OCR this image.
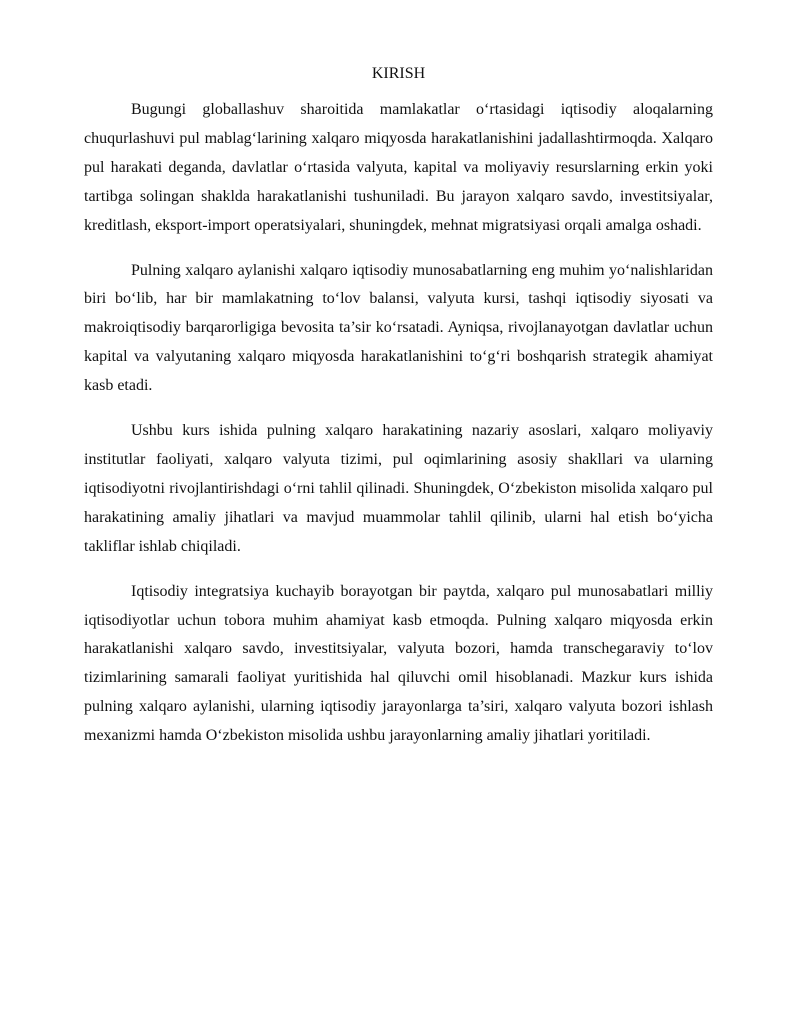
KIRISH

Bugungi globallashuv sharoitida mamlakatlar o‘rtasidagi iqtisodiy aloqalarning chuqurlashuvi pul mablag‘larining xalqaro miqyosda harakatlanishini jadallashtirmoqda. Xalqaro pul harakati deganda, davlatlar o‘rtasida valyuta, kapital va moliyaviy resurslarning erkin yoki tartibga solingan shaklda harakatlanishi tushuniladi. Bu jarayon xalqaro savdo, investitsiyalar, kreditlash, eksport-import operatsiyalari, shuningdek, mehnat migratsiyasi orqali amalga oshadi.

Pulning xalqaro aylanishi xalqaro iqtisodiy munosabatlarning eng muhim yo‘nalishlaridan biri bo‘lib, har bir mamlakatning to‘lov balansi, valyuta kursi, tashqi iqtisodiy siyosati va makroiqtisodiy barqarorligiga bevosita ta’sir ko‘rsatadi. Ayniqsa, rivojlanayotgan davlatlar uchun kapital va valyutaning xalqaro miqyosda harakatlanishini to‘g‘ri boshqarish strategik ahamiyat kasb etadi.

Ushbu kurs ishida pulning xalqaro harakatining nazariy asoslari, xalqaro moliyaviy institutlar faoliyati, xalqaro valyuta tizimi, pul oqimlarining asosiy shakllari va ularning iqtisodiyotni rivojlantirishdagi o‘rni tahlil qilinadi. Shuningdek, O‘zbekiston misolida xalqaro pul harakatining amaliy jihatlari va mavjud muammolar tahlil qilinib, ularni hal etish bo‘yicha takliflar ishlab chiqiladi.

Iqtisodiy integratsiya kuchayib borayotgan bir paytda, xalqaro pul munosabatlari milliy iqtisodiyotlar uchun tobora muhim ahamiyat kasb etmoqda. Pulning xalqaro miqyosda erkin harakatlanishi xalqaro savdo, investitsiyalar, valyuta bozori, hamda transchegaraviy to‘lov tizimlarining samarali faoliyat yuritishida hal qiluvchi omil hisoblanadi. Mazkur kurs ishida pulning xalqaro aylanishi, ularning iqtisodiy jarayonlarga ta’siri, xalqaro valyuta bozori ishlash mexanizmi hamda O‘zbekiston misolida ushbu jarayonlarning amaliy jihatlari yoritiladi.
